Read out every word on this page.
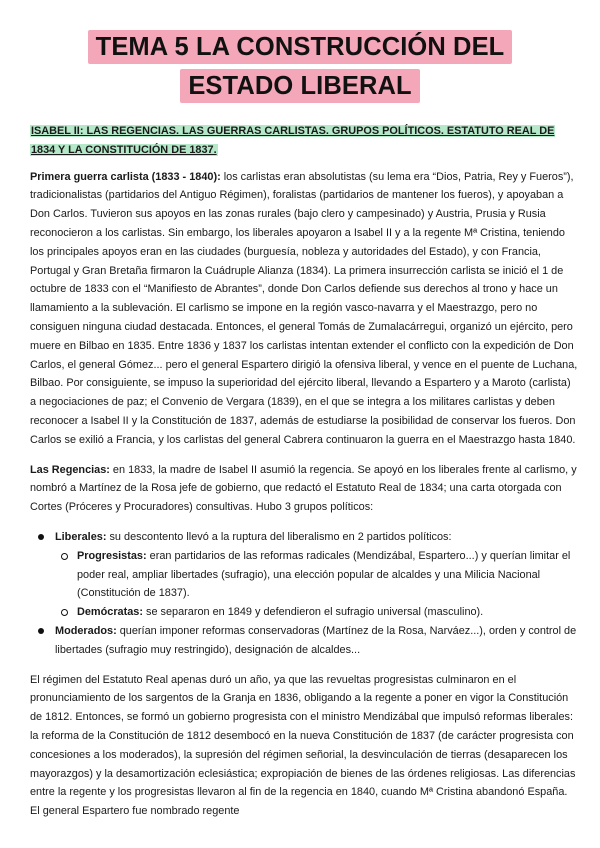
TEMA 5 LA CONSTRUCCIÓN DEL
ESTADO LIBERAL
ISABEL II: LAS REGENCIAS. LAS GUERRAS CARLISTAS. GRUPOS POLÍTICOS. ESTATUTO REAL DE
1834 Y LA CONSTITUCIÓN DE 1837.

Primera guerra carlista (1833 - 1840): los carlistas eran absolutistas (su lema era “Dios, Patria, Rey y Fueros”), tradicionalistas (partidarios del Antiguo Régimen), foralistas (partidarios de mantener los fueros), y apoyaban a Don Carlos. Tuvieron sus apoyos en las zonas rurales (bajo clero y campesinado) y Austria, Prusia y Rusia reconocieron a los carlistas. Sin embargo, los liberales apoyaron a Isabel II y a la regente Mª Cristina, teniendo los principales apoyos eran en las ciudades (burguesía, nobleza y autoridades del Estado), y con Francia, Portugal y Gran Bretaña firmaron la Cuádruple Alianza (1834). La primera insurrección carlista se inició el 1 de octubre de 1833 con el “Manifiesto de Abrantes”, donde Don Carlos defiende sus derechos al trono y hace un llamamiento a la sublevación. El carlismo se impone en la región vasco-navarra y el Maestrazgo, pero no consiguen ninguna ciudad destacada. Entonces, el general Tomás de Zumalacárregui, organizó un ejército, pero muere en Bilbao en 1835. Entre 1836 y 1837 los carlistas intentan extender el conflicto con la expedición de Don Carlos, el general Gómez... pero el general Espartero dirigió la ofensiva liberal, y vence en el puente de Luchana, Bilbao. Por consiguiente, se impuso la superioridad del ejército liberal, llevando a Espartero y a Maroto (carlista) a negociaciones de paz; el Convenio de Vergara (1839), en el que se integra a los militares carlistas y deben reconocer a Isabel II y la Constitución de 1837, además de estudiarse la posibilidad de conservar los fueros. Don Carlos se exilió a Francia, y los carlistas del general Cabrera continuaron la guerra en el Maestrazgo hasta 1840.

Las Regencias: en 1833, la madre de Isabel II asumió la regencia. Se apoyó en los liberales frente al carlismo, y nombró a Martínez de la Rosa jefe de gobierno, que redactó el Estatuto Real de 1834; una carta otorgada con Cortes (Próceres y Procuradores) consultivas. Hubo 3 grupos políticos:

Liberales: su descontento llevó a la ruptura del liberalismo en 2 partidos políticos:
Progresistas: eran partidarios de las reformas radicales (Mendizábal, Espartero...) y querían limitar el poder real, ampliar libertades (sufragio), una elección popular de alcaldes y una Milicia Nacional (Constitución de 1837).
Demócratas: se separaron en 1849 y defendieron el sufragio universal (masculino).
Moderados: querían imponer reformas conservadoras (Martínez de la Rosa, Narváez...), orden y control de libertades (sufragio muy restringido), designación de alcaldes...

El régimen del Estatuto Real apenas duró un año, ya que las revueltas progresistas culminaron en el pronunciamiento de los sargentos de la Granja en 1836, obligando a la regente a poner en vigor la Constitución de 1812. Entonces, se formó un gobierno progresista con el ministro Mendizábal que impulsó reformas liberales: la reforma de la Constitución de 1812 desembocó en la nueva Constitución de 1837 (de carácter progresista con concesiones a los moderados), la supresión del régimen señorial, la desvinculación de tierras (desaparecen los mayorazgos) y la desamortización eclesiástica; expropiación de bienes de las órdenes religiosas. Las diferencias entre la regente y los progresistas llevaron al fin de la regencia en 1840, cuando Mª Cristina abandonó España. El general Espartero fue nombrado regente
